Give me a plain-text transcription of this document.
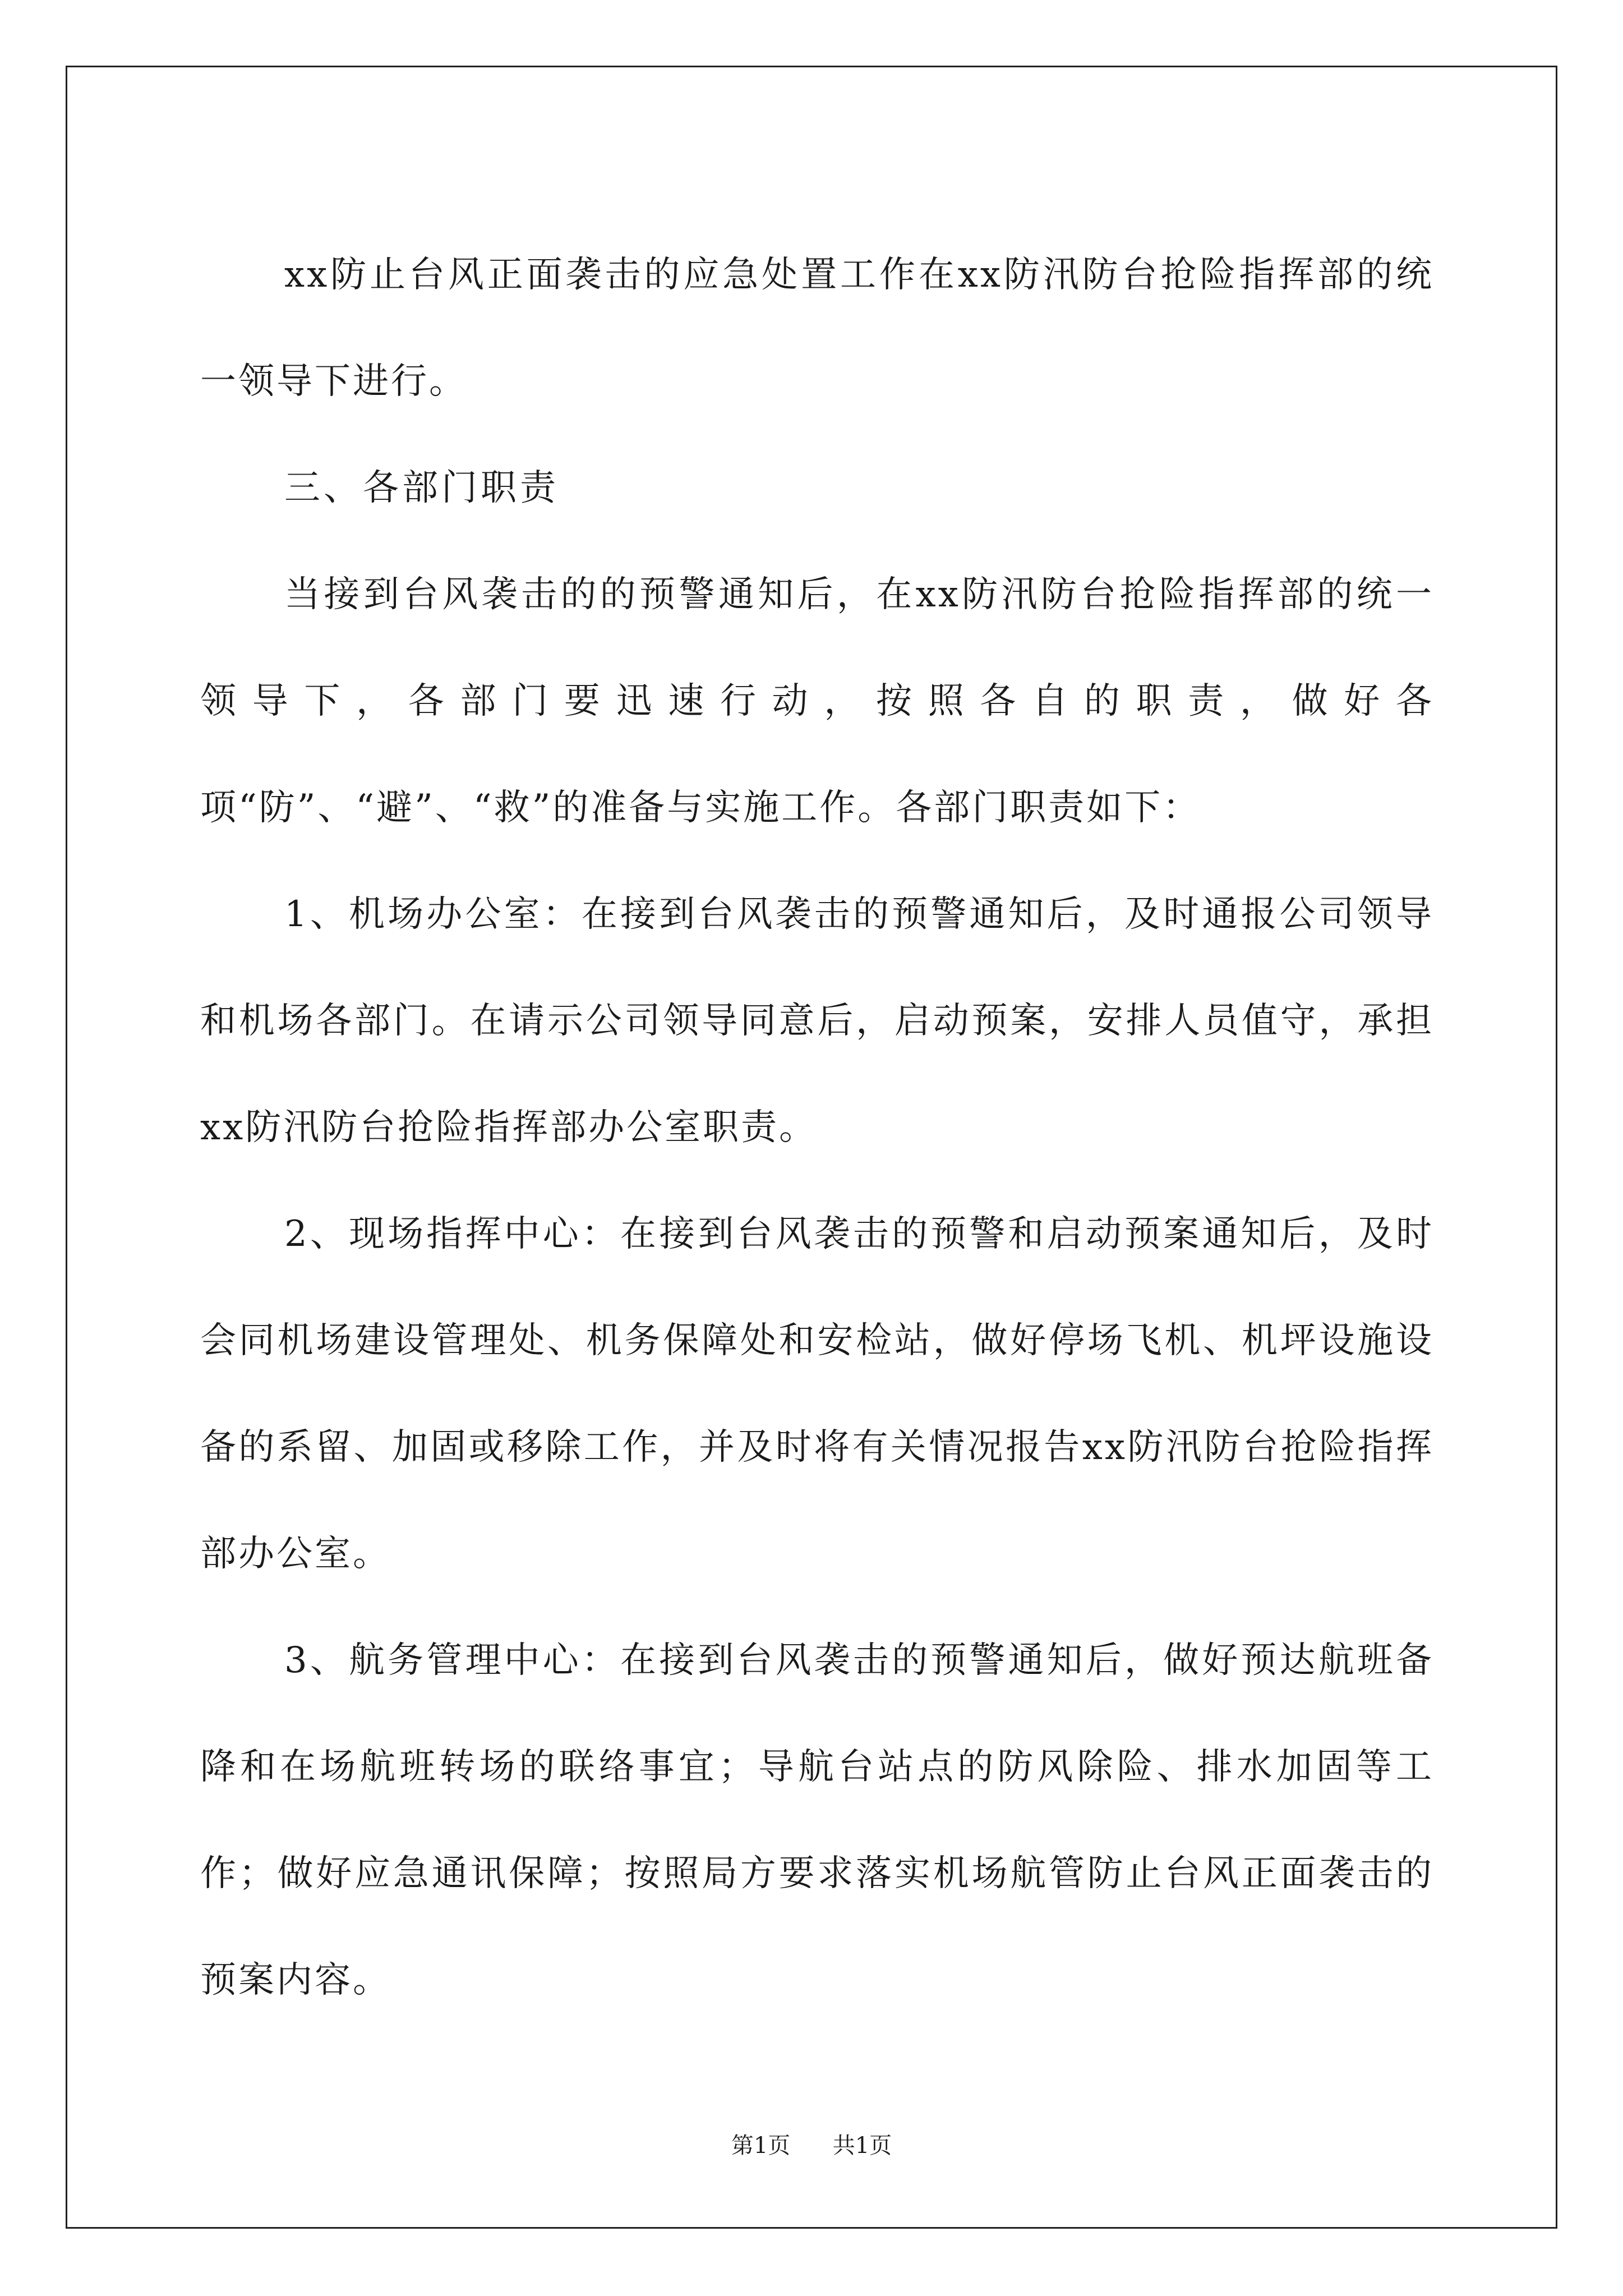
xx防止台风正面袭击的应急处置工作在xx防汛防台抢险指挥部的统一领导下进行。

三、各部门职责

当接到台风袭击的的预警通知后，在xx防汛防台抢险指挥部的统一领导下，各部门要迅速行动，按照各自的职责，做好各项“防”、“避”、“救”的准备与实施工作。各部门职责如下：

1、机场办公室：在接到台风袭击的预警通知后，及时通报公司领导和机场各部门。在请示公司领导同意后，启动预案，安排人员值守，承担xx防汛防台抢险指挥部办公室职责。

2、现场指挥中心：在接到台风袭击的预警和启动预案通知后，及时会同机场建设管理处、机务保障处和安检站，做好停场飞机、机坪设施设备的系留、加固或移除工作，并及时将有关情况报告xx防汛防台抢险指挥部办公室。

3、航务管理中心：在接到台风袭击的预警通知后，做好预达航班备降和在场航班转场的联络事宜；导航台站点的防风除险、排水加固等工作；做好应急通讯保障；按照局方要求落实机场航管防止台风正面袭击的预案内容。

第1页 共1页
